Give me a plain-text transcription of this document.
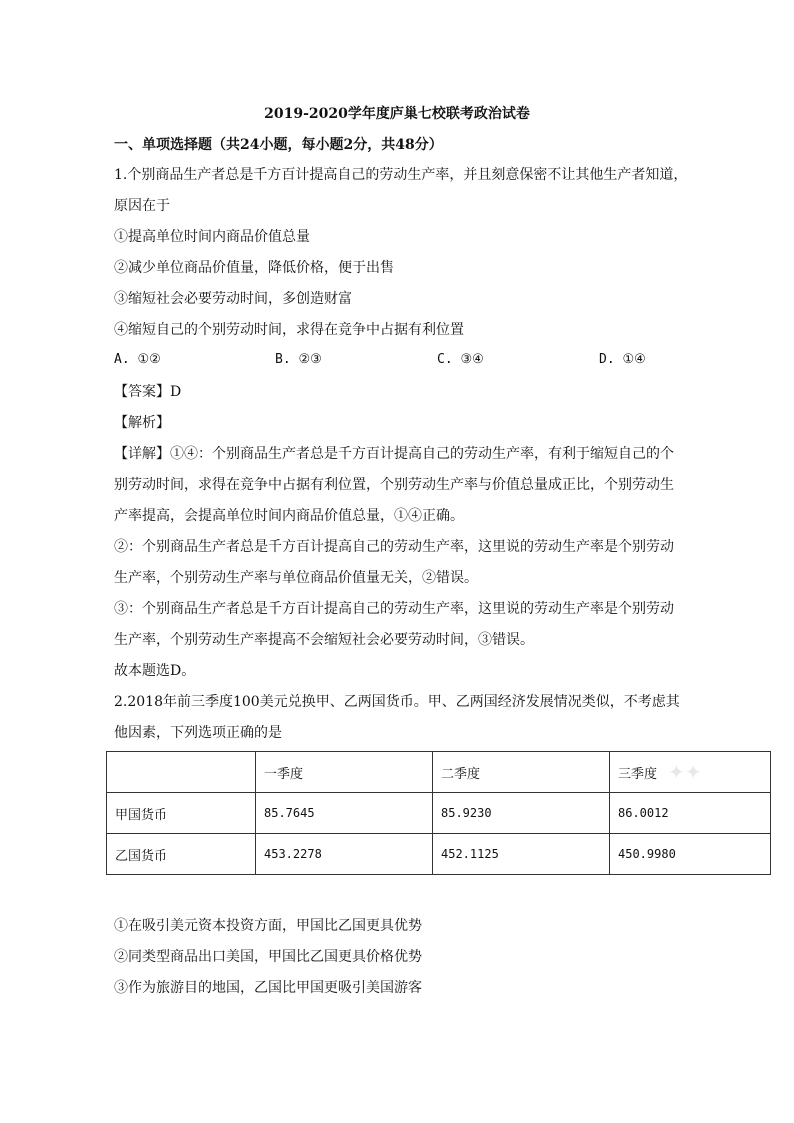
2019-2020学年度庐巢七校联考政治试卷
一、单项选择题（共24小题，每小题2分，共48分）
1.个别商品生产者总是千方百计提高自己的劳动生产率，并且刻意保密不让其他生产者知道，
原因在于
①提高单位时间内商品价值总量
②减少单位商品价值量，降低价格，便于出售
③缩短社会必要劳动时间，多创造财富
④缩短自己的个别劳动时间，求得在竞争中占据有利位置
A. ①②	B. ②③	C. ③④	D. ①④
【答案】D
【解析】
【详解】①④：个别商品生产者总是千方百计提高自己的劳动生产率，有利于缩短自己的个
别劳动时间，求得在竞争中占据有利位置，个别劳动生产率与价值总量成正比，个别劳动生
产率提高，会提高单位时间内商品价值总量，①④正确。
②：个别商品生产者总是千方百计提高自己的劳动生产率，这里说的劳动生产率是个别劳动
生产率，个别劳动生产率与单位商品价值量无关，②错误。
③：个别商品生产者总是千方百计提高自己的劳动生产率，这里说的劳动生产率是个别劳动
生产率，个别劳动生产率提高不会缩短社会必要劳动时间，③错误。
故本题选D。
2.2018年前三季度100美元兑换甲、乙两国货币。甲、乙两国经济发展情况类似，不考虑其
他因素，下列选项正确的是
	一季度	二季度	三季度
甲国货币	85.7645	85.9230	86.0012
乙国货币	453.2278	452.1125	450.9980
✦✦
①在吸引美元资本投资方面，甲国比乙国更具优势
②同类型商品出口美国，甲国比乙国更具价格优势
③作为旅游目的地国，乙国比甲国更吸引美国游客
